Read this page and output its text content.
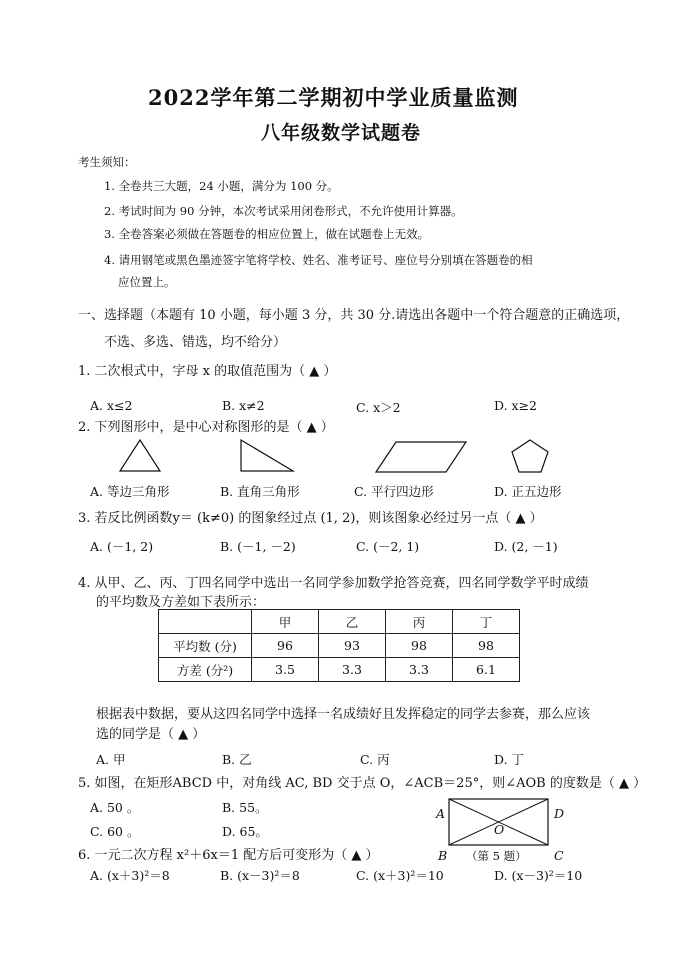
2022学年第二学期初中学业质量监测
八年级数学试题卷
考生须知：
1. 全卷共三大题，24 小题，满分为 100 分。
2. 考试时间为 90 分钟，本次考试采用闭卷形式，不允许使用计算器。
3. 全卷答案必须做在答题卷的相应位置上，做在试题卷上无效。
4. 请用钢笔或黑色墨迹签字笔将学校、姓名、准考证号、座位号分别填在答题卷的相
应位置上。
一、选择题（本题有 10 小题，每小题 3 分，共 30 分.请选出各题中一个符合题意的正确选项，
不选、多选、错选，均不给分）
1. 二次根式中，字母 x 的取值范围为（ ▲ ）
A. x≤2	B. x≠2	C. x＞2	D. x≥2
2. 下列图形中，是中心对称图形的是（ ▲ ）
A. 等边三角形	B. 直角三角形	C. 平行四边形	D. 正五边形
3. 若反比例函数y＝ (k≠0) 的图象经过点 (1, 2)，则该图象必经过另一点（ ▲ ）
A. (－1, 2)	B. (－1, －2)	C. (－2, 1)	D. (2, －1)
4. 从甲、乙、丙、丁四名同学中选出一名同学参加数学抢答竞赛，四名同学数学平时成绩
的平均数及方差如下表所示：
	甲	乙	丙	丁
平均数 (分)	96	93	98	98
方差 (分²)	3.5	3.3	3.3	6.1
根据表中数据，要从这四名同学中选择一名成绩好且发挥稳定的同学去参赛，那么应该
选的同学是（ ▲ ）
A. 甲	B. 乙	C. 丙	D. 丁
5. 如图，在矩形ABCD 中，对角线 AC, BD 交于点 O，∠ACB＝25°，则∠AOB 的度数是（ ▲ ）
A. 50 。	B. 55。
C. 60 。	D. 65。
A	D
O
B	C
（第 5 题）
6. 一元二次方程 x²＋6x＝1 配方后可变形为（ ▲ ）
A. (x＋3)²＝8	B. (x－3)²＝8	C. (x＋3)²＝10	D. (x－3)²＝10
